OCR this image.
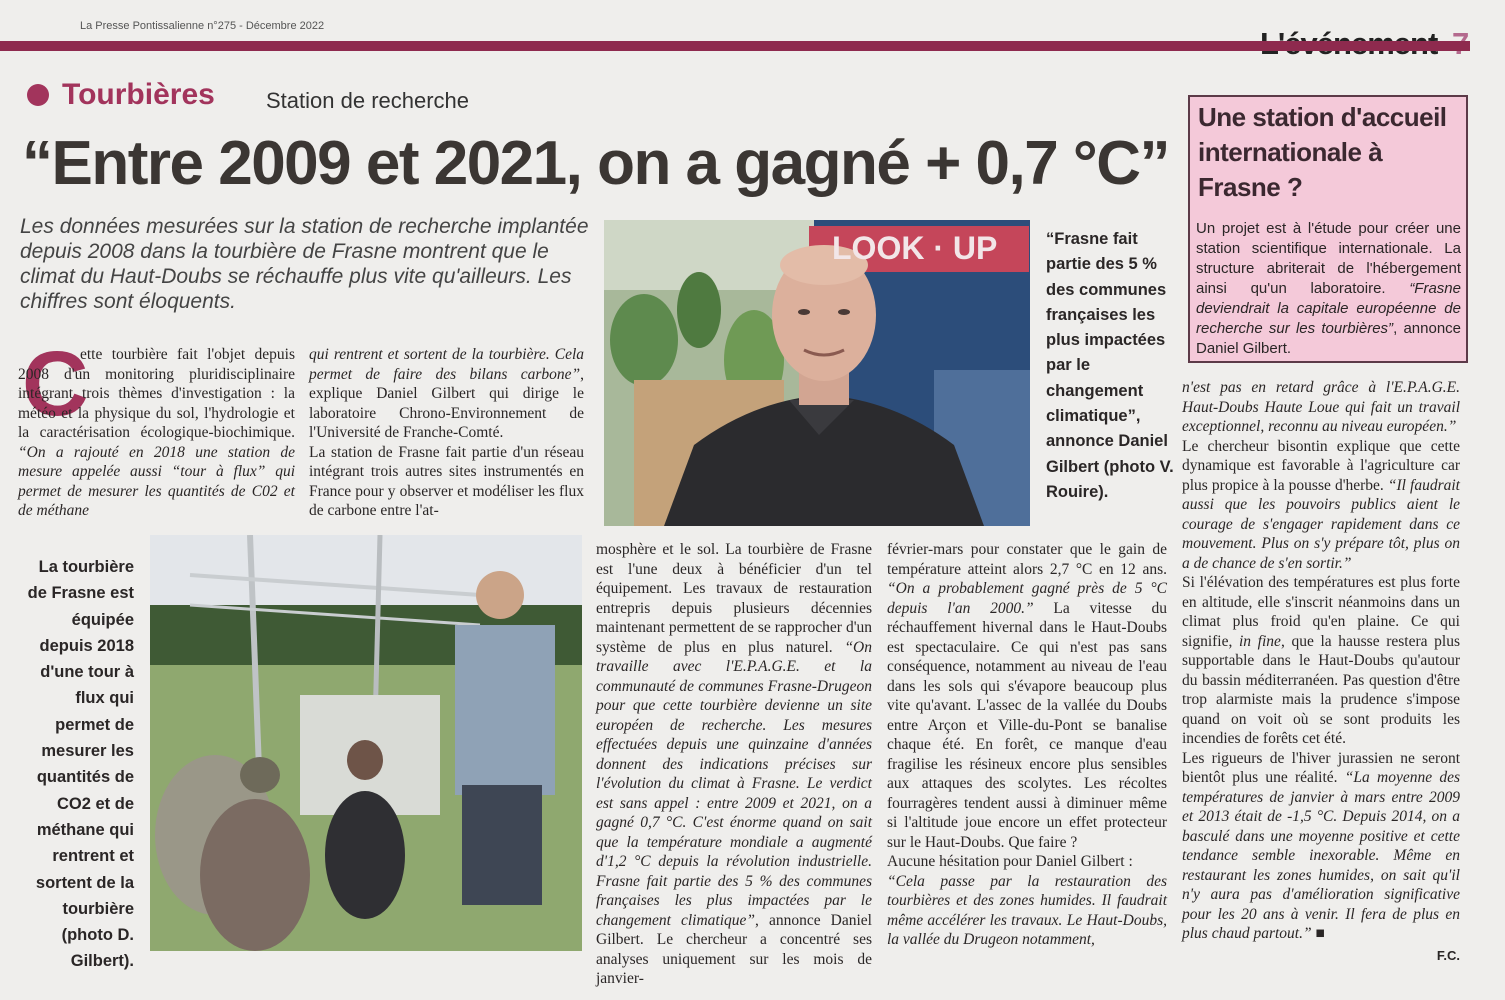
La Presse Pontissalienne n°275 - Décembre 2022
Tourbières Station de recherche
“Entre 2009 et 2021, on a gagné + 0,7 °C”
Les données mesurées sur la station de recherche implantée depuis 2008 dans la tourbière de Frasne montrent que le climat du Haut-Doubs se réchauffe plus vite qu'ailleurs. Les chiffres sont éloquents.
C

ette tourbière fait l'objet depuis 2008 d'un monitoring pluridisciplinaire intégrant trois thèmes d'investigation : la météo et la physique du sol, l'hydrologie et la caractérisation écologique-biochimique. “On a rajouté en 2018 une station de mesure appelée aussi “tour à flux” qui permet de mesurer les quantités de C02 et de méthane

qui rentrent et sortent de la tourbière. Cela permet de faire des bilans carbone”, explique Daniel Gilbert qui dirige le laboratoire Chrono-Environnement de l'Université de Franche-Comté.

La station de Frasne fait partie d'un réseau intégrant trois autres sites instrumentés en France pour y observer et modéliser les flux de carbone entre l'at-

LOOK · UP	“Frasne fait partie des 5 % des communes françaises les plus impactées par le changement climatique”, annonce Daniel Gilbert (photo V. Rouire).
Une station d'accueil internationale à Frasne ?
Un projet est à l'étude pour créer une station scientifique internationale. La structure abriterait de l'hébergement ainsi qu'un laboratoire. “Frasne deviendrait la capitale européenne de recherche sur les tourbières”, annonce Daniel Gilbert.
La tourbière de Frasne est équipée depuis 2018 d'une tour à flux qui permet de mesurer les quantités de CO2 et de méthane qui rentrent et sortent de la tourbière (photo D. Gilbert).

mosphère et le sol. La tourbière de Frasne est l'une deux à bénéficier d'un tel équipement. Les travaux de restauration entrepris depuis plusieurs décennies maintenant permettent de se rapprocher d'un système de plus en plus naturel. “On travaille avec l'E.P.A.G.E. et la communauté de communes Frasne-Drugeon pour que cette tourbière devienne un site européen de recherche. Les mesures effectuées depuis une quinzaine d'années donnent des indications précises sur l'évolution du climat à Frasne. Le verdict est sans appel : entre 2009 et 2021, on a gagné 0,7 °C. C'est énorme quand on sait que la température mondiale a augmenté d'1,2 °C depuis la révolution industrielle. Frasne fait partie des 5 % des communes françaises les plus impactées par le changement climatique”, annonce Daniel Gilbert. Le chercheur a concentré ses analyses uniquement sur les mois de janvier-

février-mars pour constater que le gain de température atteint alors 2,7 °C en 12 ans. “On a probablement gagné près de 5 °C depuis l'an 2000.” La vitesse du réchauffement hivernal dans le Haut-Doubs est spectaculaire. Ce qui n'est pas sans conséquence, notamment au niveau de l'eau dans les sols qui s'évapore beaucoup plus vite qu'avant. L'assec de la vallée du Doubs entre Arçon et Ville-du-Pont se banalise chaque été. En forêt, ce manque d'eau fragilise les résineux encore plus sensibles aux attaques des scolytes. Les récoltes fourragères tendent aussi à diminuer même si l'altitude joue encore un effet protecteur sur le Haut-Doubs. Que faire ?

Aucune hésitation pour Daniel Gilbert :

“Cela passe par la restauration des tourbières et des zones humides. Il faudrait même accélérer les travaux. Le Haut-Doubs, la vallée du Drugeon notamment,

n'est pas en retard grâce à l'E.P.A.G.E. Haut-Doubs Haute Loue qui fait un travail exceptionnel, reconnu au niveau européen.”

Le chercheur bisontin explique que cette dynamique est favorable à l'agriculture car plus propice à la pousse d'herbe. “Il faudrait aussi que les pouvoirs publics aient le courage de s'engager rapidement dans ce mouvement. Plus on s'y prépare tôt, plus on a de chance de s'en sortir.”

Si l'élévation des températures est plus forte en altitude, elle s'inscrit néanmoins dans un climat plus froid qu'en plaine. Ce qui signifie, in fine, que la hausse restera plus supportable dans le Haut-Doubs qu'autour du bassin méditerranéen. Pas question d'être trop alarmiste mais la prudence s'impose quand on voit où se sont produits les incendies de forêts cet été.

Les rigueurs de l'hiver jurassien ne seront bientôt plus une réalité. “La moyenne des températures de janvier à mars entre 2009 et 2013 était de -1,5 °C. Depuis 2014, on a basculé dans une moyenne positive et cette tendance semble inexorable. Même en restaurant les zones humides, on sait qu'il n'y aura pas d'amélioration significative pour les 20 ans à venir. Il fera de plus en plus chaud partout.” ■

F.C.
